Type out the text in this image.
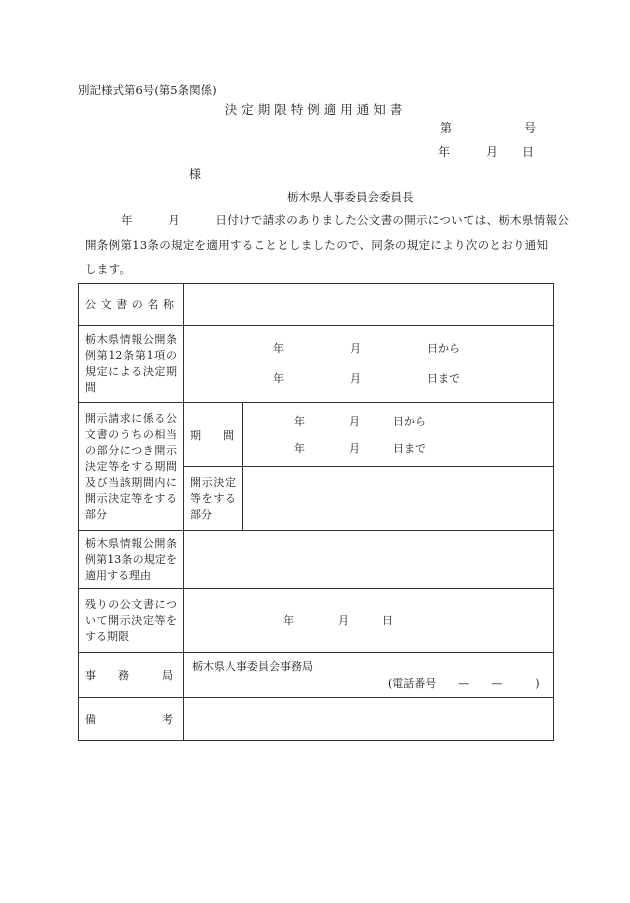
別記様式第6号(第5条関係)
決定期限特例適用通知書
第　　　　　　号
年　　　月　　日
様
栃木県人事委員会委員長
年　　　月　　　日付けで請求のありました公文書の開示については、栃木県情報公
開条例第13条の規定を適用することとしましたので、同条の規定により次のとおり通知
します。
公文書の名称		
栃木県情報公開条例第12条第1項の規定による決定期間	年　　　　　　月　　　　　　日から
年　　　　　　月　　　　　　日まで	

開示請求に係る公文書のうちの相当の部分につき開示決定等をする期間及び当該期間内に開示決定等をする部分	期　　間	年　　　　月　　　日から
年　　　　月　　　日まで

	開示決定等をする部分	
栃木県情報公開条例第13条の規定を適用する理由		
残りの公文書について開示決定等をする期限	年　　　　月　　　日	

事　　務　　　局	栃木県人事委員会事務局
(電話番号　　—　　—　　　)	

備　　　　　　考		
